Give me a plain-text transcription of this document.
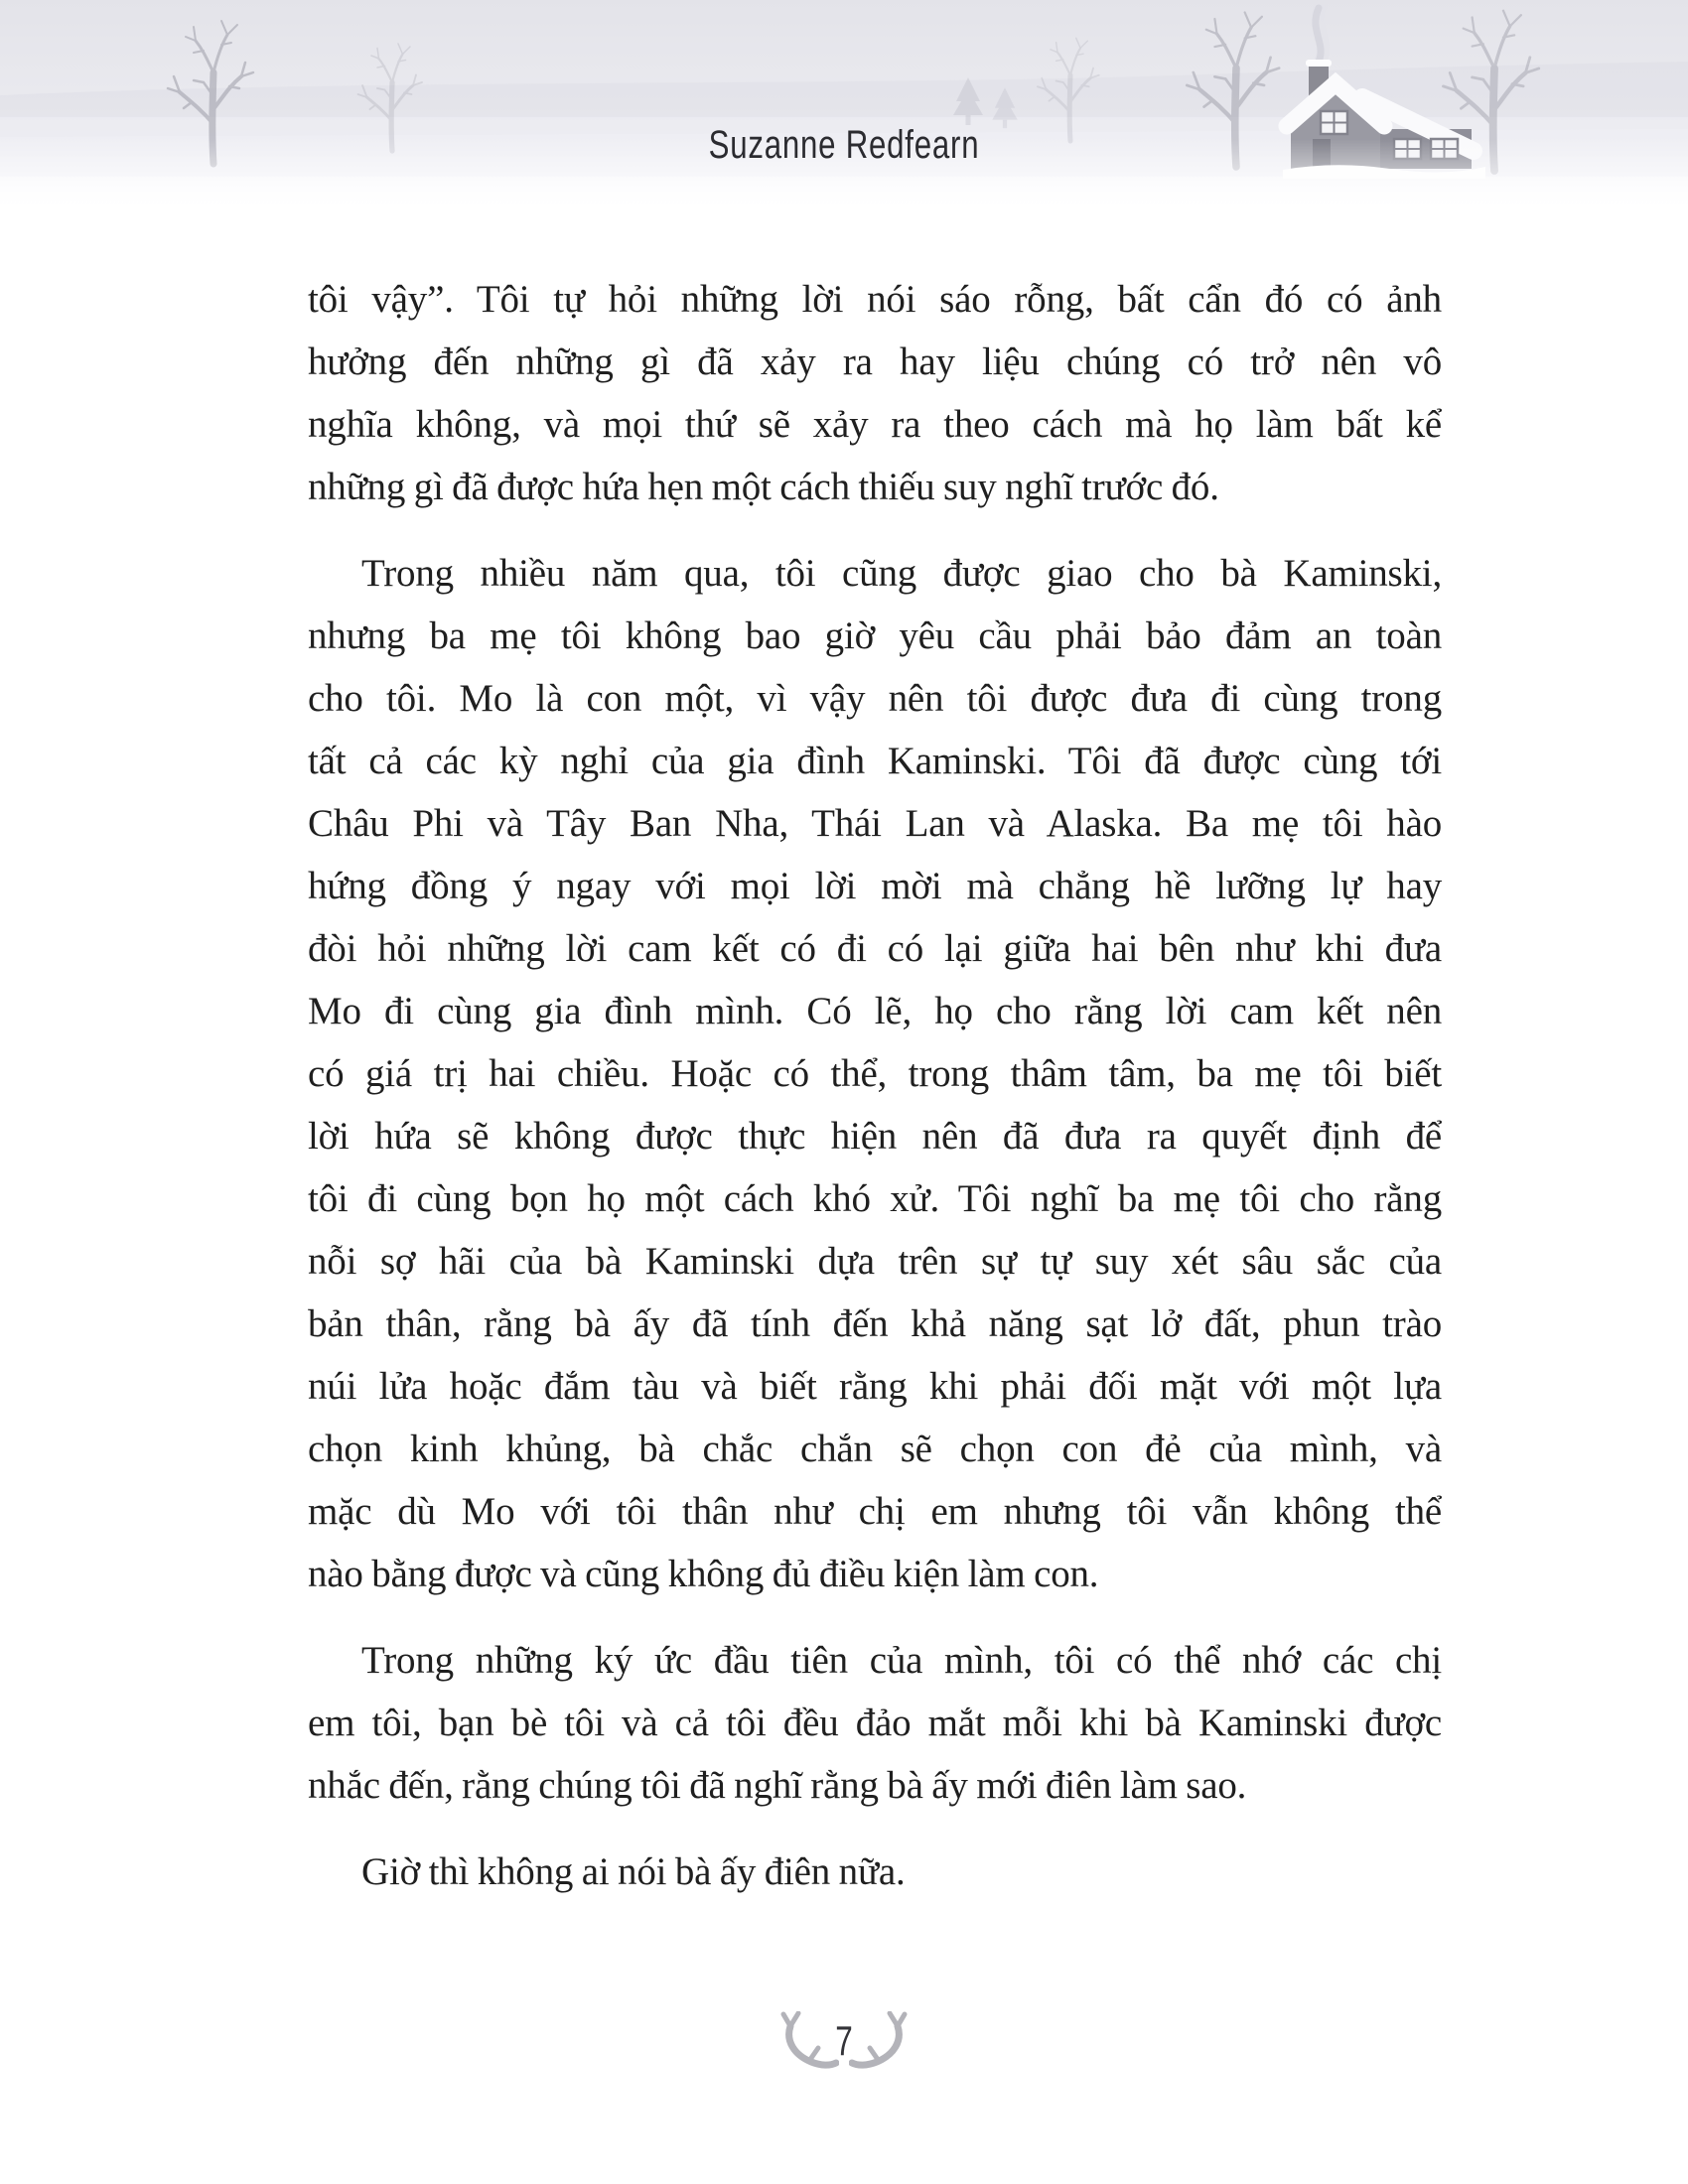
Suzanne Redfearn
tôi vậy”. Tôi tự hỏi những lời nói sáo rỗng, bất cẩn đó có ảnh
hưởng đến những gì đã xảy ra hay liệu chúng có trở nên vô
nghĩa không, và mọi thứ sẽ xảy ra theo cách mà họ làm bất kể
những gì đã được hứa hẹn một cách thiếu suy nghĩ trước đó.
Trong nhiều năm qua, tôi cũng được giao cho bà Kaminski,
nhưng ba mẹ tôi không bao giờ yêu cầu phải bảo đảm an toàn
cho tôi. Mo là con một, vì vậy nên tôi được đưa đi cùng trong
tất cả các kỳ nghỉ của gia đình Kaminski. Tôi đã được cùng tới
Châu Phi và Tây Ban Nha, Thái Lan và Alaska. Ba mẹ tôi hào
hứng đồng ý ngay với mọi lời mời mà chẳng hề lưỡng lự hay
đòi hỏi những lời cam kết có đi có lại giữa hai bên như khi đưa
Mo đi cùng gia đình mình. Có lẽ, họ cho rằng lời cam kết nên
có giá trị hai chiều. Hoặc có thể, trong thâm tâm, ba mẹ tôi biết
lời hứa sẽ không được thực hiện nên đã đưa ra quyết định để
tôi đi cùng bọn họ một cách khó xử. Tôi nghĩ ba mẹ tôi cho rằng
nỗi sợ hãi của bà Kaminski dựa trên sự tự suy xét sâu sắc của
bản thân, rằng bà ấy đã tính đến khả năng sạt lở đất, phun trào
núi lửa hoặc đắm tàu và biết rằng khi phải đối mặt với một lựa
chọn kinh khủng, bà chắc chắn sẽ chọn con đẻ của mình, và
mặc dù Mo với tôi thân như chị em nhưng tôi vẫn không thể
nào bằng được và cũng không đủ điều kiện làm con.
Trong những ký ức đầu tiên của mình, tôi có thể nhớ các chị
em tôi, bạn bè tôi và cả tôi đều đảo mắt mỗi khi bà Kaminski được
nhắc đến, rằng chúng tôi đã nghĩ rằng bà ấy mới điên làm sao.
Giờ thì không ai nói bà ấy điên nữa.
7
